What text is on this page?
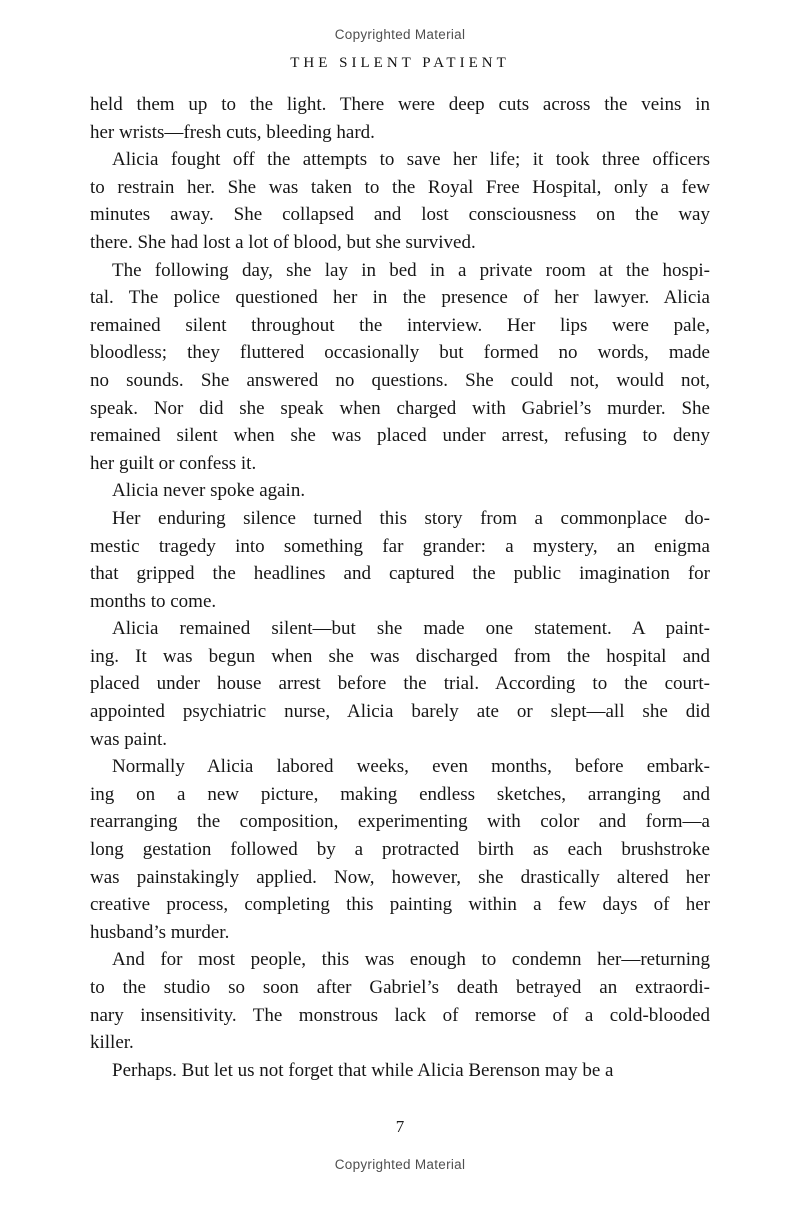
Copyrighted Material
THE SILENT PATIENT
held them up to the light. There were deep cuts across the veins in
her wrists—fresh cuts, bleeding hard.
Alicia fought off the attempts to save her life; it took three officers
to restrain her. She was taken to the Royal Free Hospital, only a few
minutes away. She collapsed and lost consciousness on the way
there. She had lost a lot of blood, but she survived.
The following day, she lay in bed in a private room at the hospi-
tal. The police questioned her in the presence of her lawyer. Alicia
remained silent throughout the interview. Her lips were pale,
bloodless; they fluttered occasionally but formed no words, made
no sounds. She answered no questions. She could not, would not,
speak. Nor did she speak when charged with Gabriel’s murder. She
remained silent when she was placed under arrest, refusing to deny
her guilt or confess it.
Alicia never spoke again.
Her enduring silence turned this story from a commonplace do-
mestic tragedy into something far grander: a mystery, an enigma
that gripped the headlines and captured the public imagination for
months to come.
Alicia remained silent—but she made one statement. A paint-
ing. It was begun when she was discharged from the hospital and
placed under house arrest before the trial. According to the court-
appointed psychiatric nurse, Alicia barely ate or slept—all she did
was paint.
Normally Alicia labored weeks, even months, before embark-
ing on a new picture, making endless sketches, arranging and
rearranging the composition, experimenting with color and form—a
long gestation followed by a protracted birth as each brushstroke
was painstakingly applied. Now, however, she drastically altered her
creative process, completing this painting within a few days of her
husband’s murder.
And for most people, this was enough to condemn her—returning
to the studio so soon after Gabriel’s death betrayed an extraordi-
nary insensitivity. The monstrous lack of remorse of a cold-blooded
killer.
Perhaps. But let us not forget that while Alicia Berenson may be a
7
Copyrighted Material
